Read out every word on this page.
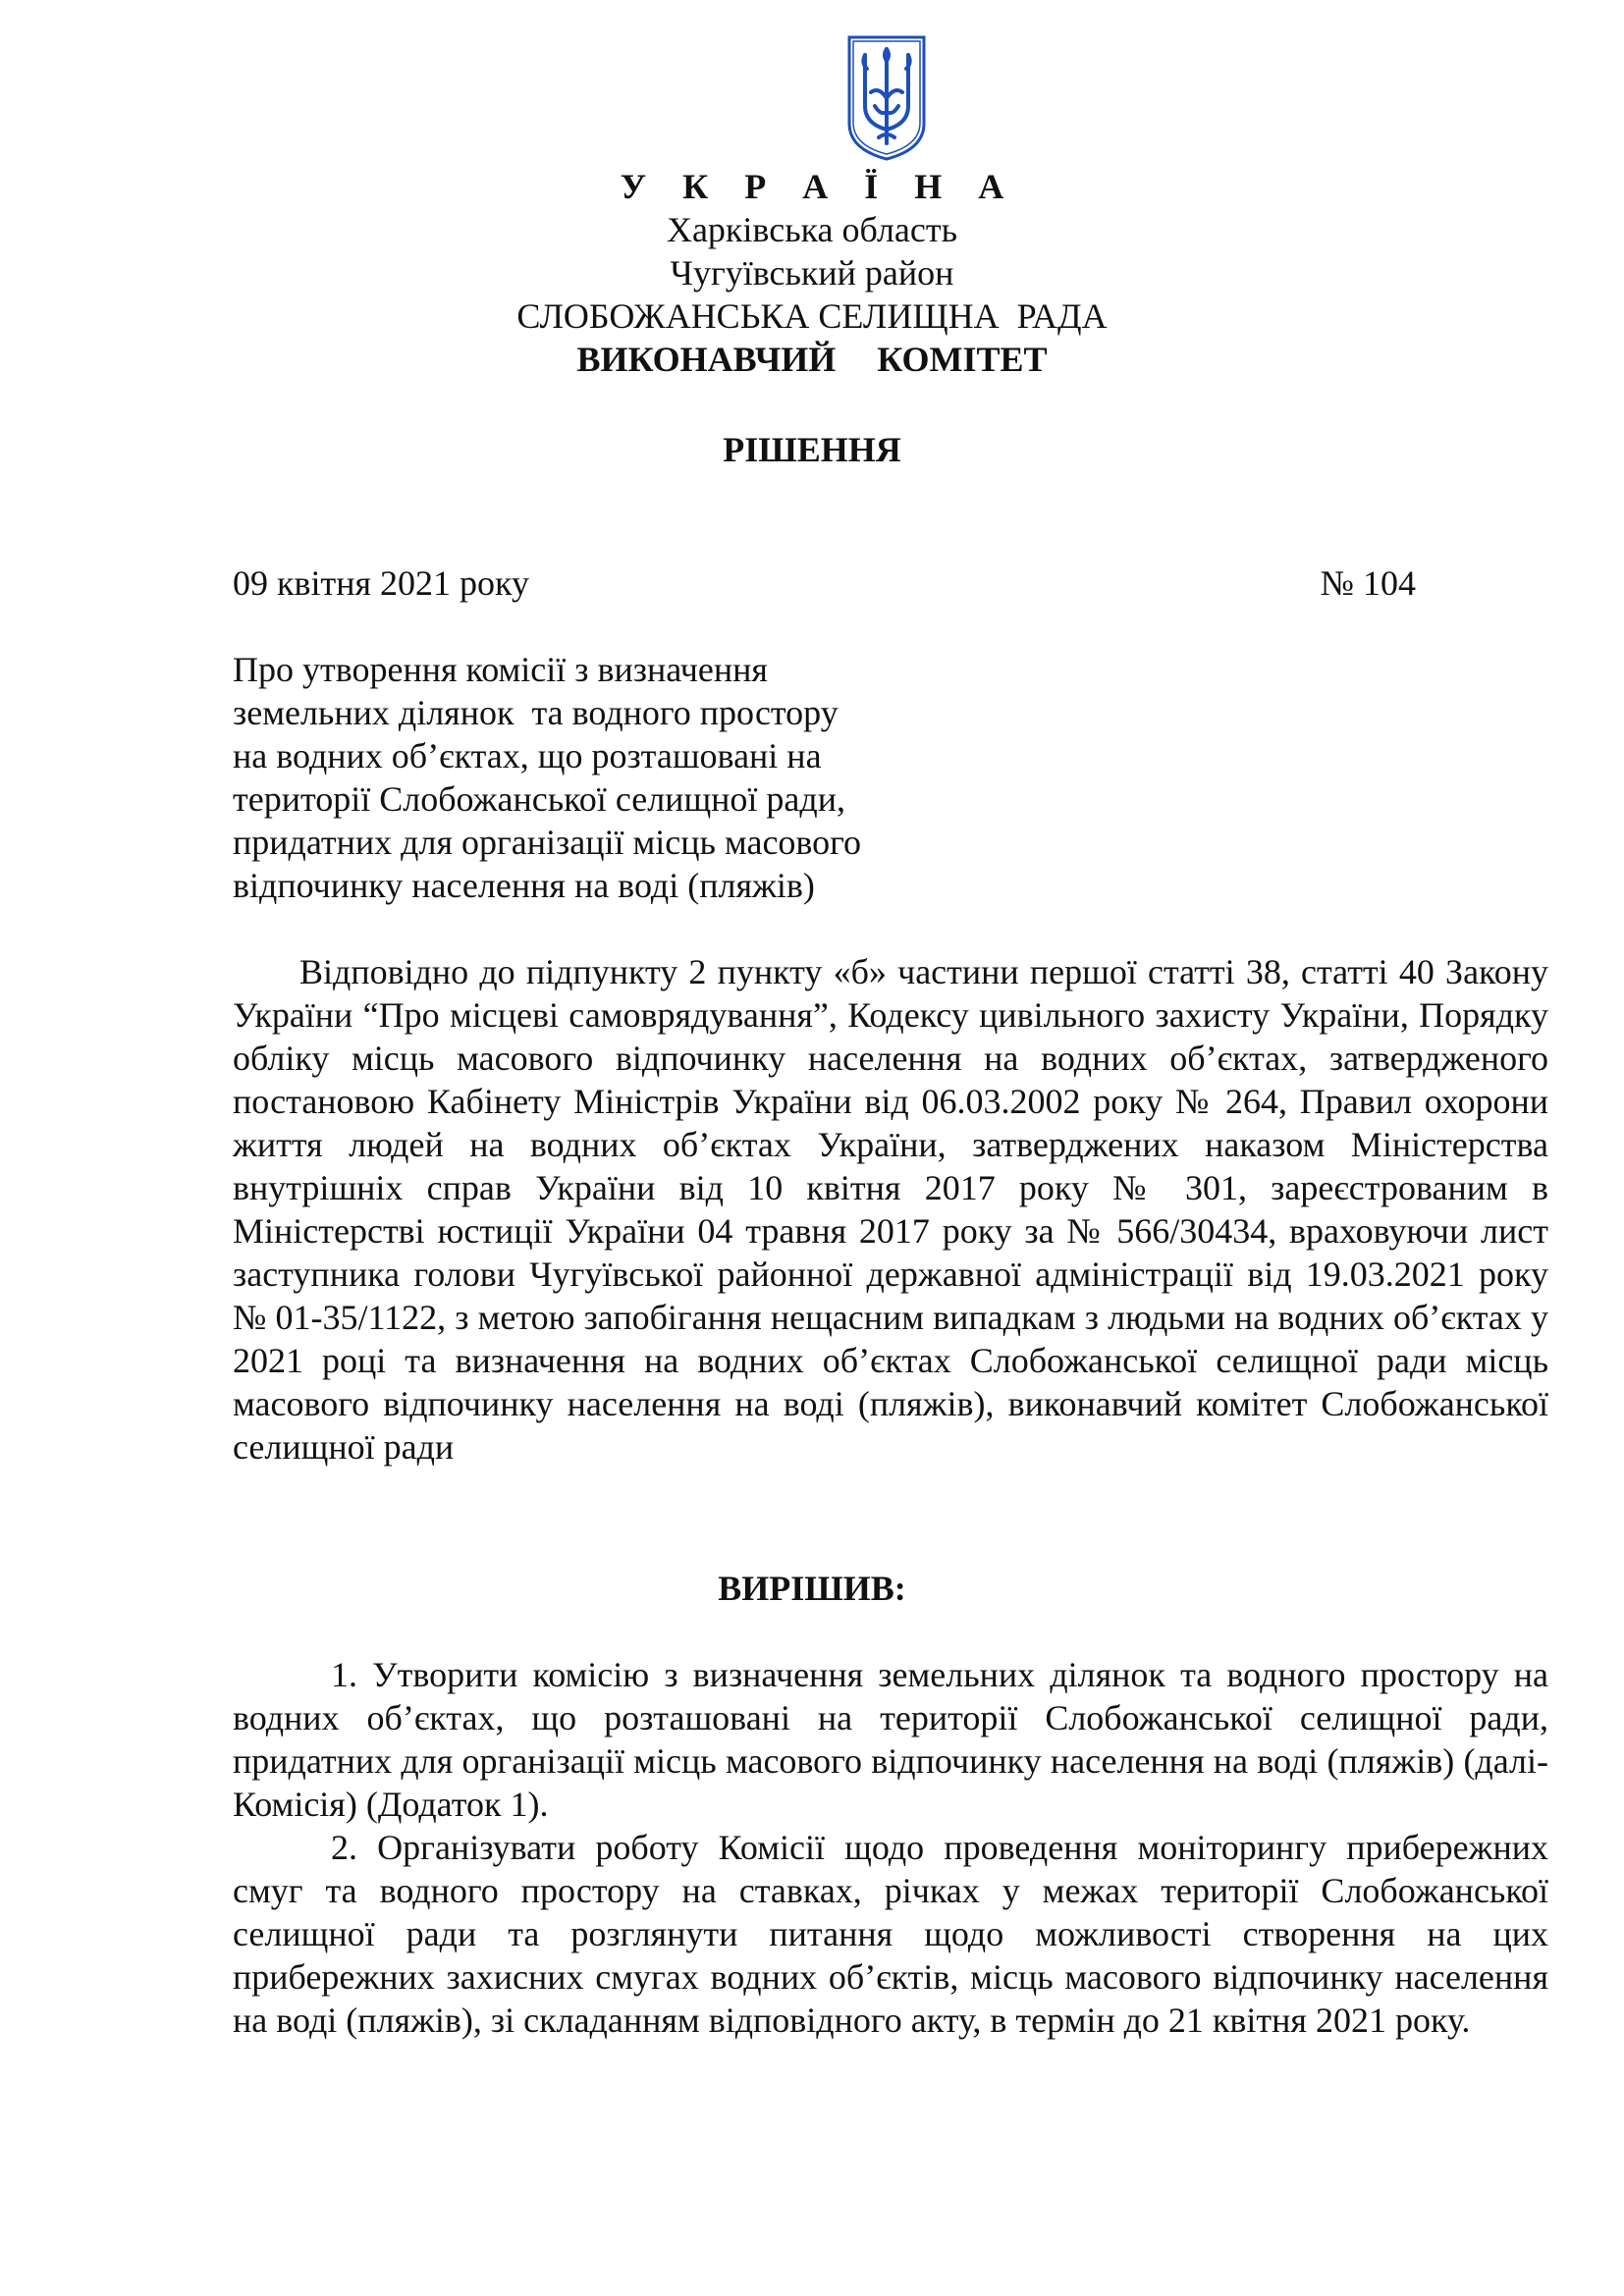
У К Р А Ї Н А
Харківська область
Чугуївський район
СЛОБОЖАНСЬКА СЕЛИЩНА  РАДА
ВИКОНАВЧИЙ  КОМІТЕТ
РІШЕННЯ
09 квітня 2021 року	№ 104
Про утворення комісії з визначення
земельних ділянок  та водного простору
на водних об’єктах, що розташовані на
території Слобожанської селищної ради,
придатних для організації місць масового
відпочинку населення на воді (пляжів)
Відповідно до підпункту 2 пункту «б» частини першої статті 38, статті 40 Закону України “Про місцеві самоврядування”, Кодексу цивільного захисту України, Порядку обліку місць масового відпочинку населення на водних об’єктах, затвердженого постановою Кабінету Міністрів України від 06.03.2002 року № 264, Правил охорони життя людей на водних об’єктах України, затверджених наказом Міністерства внутрішніх справ України від 10 квітня 2017 року № 301, зареєстрованим в Міністерстві юстиції України 04 травня 2017 року за № 566/30434, враховуючи лист заступника голови Чугуївської районної державної адміністрації від 19.03.2021 року № 01-35/1122, з метою запобігання нещасним випадкам з людьми на водних об’єктах у 2021 році та визначення на водних об’єктах Слобожанської селищної ради місць масового відпочинку населення на воді (пляжів), виконавчий комітет Слобожанської селищної ради
ВИРІШИВ:
1. Утворити комісію з визначення земельних ділянок та водного простору на водних об’єктах, що розташовані на території Слобожанської селищної ради, придатних для організації місць масового відпочинку населення на воді (пляжів) (далі-Комісія) (Додаток 1).
2. Організувати роботу Комісії щодо проведення моніторингу прибережних смуг та водного простору на ставках, річках у межах території Слобожанської селищної ради та розглянути питання щодо можливості створення на цих прибережних захисних смугах водних об’єктів, місць масового відпочинку населення на воді (пляжів), зі складанням відповідного акту, в термін до 21 квітня 2021 року.
